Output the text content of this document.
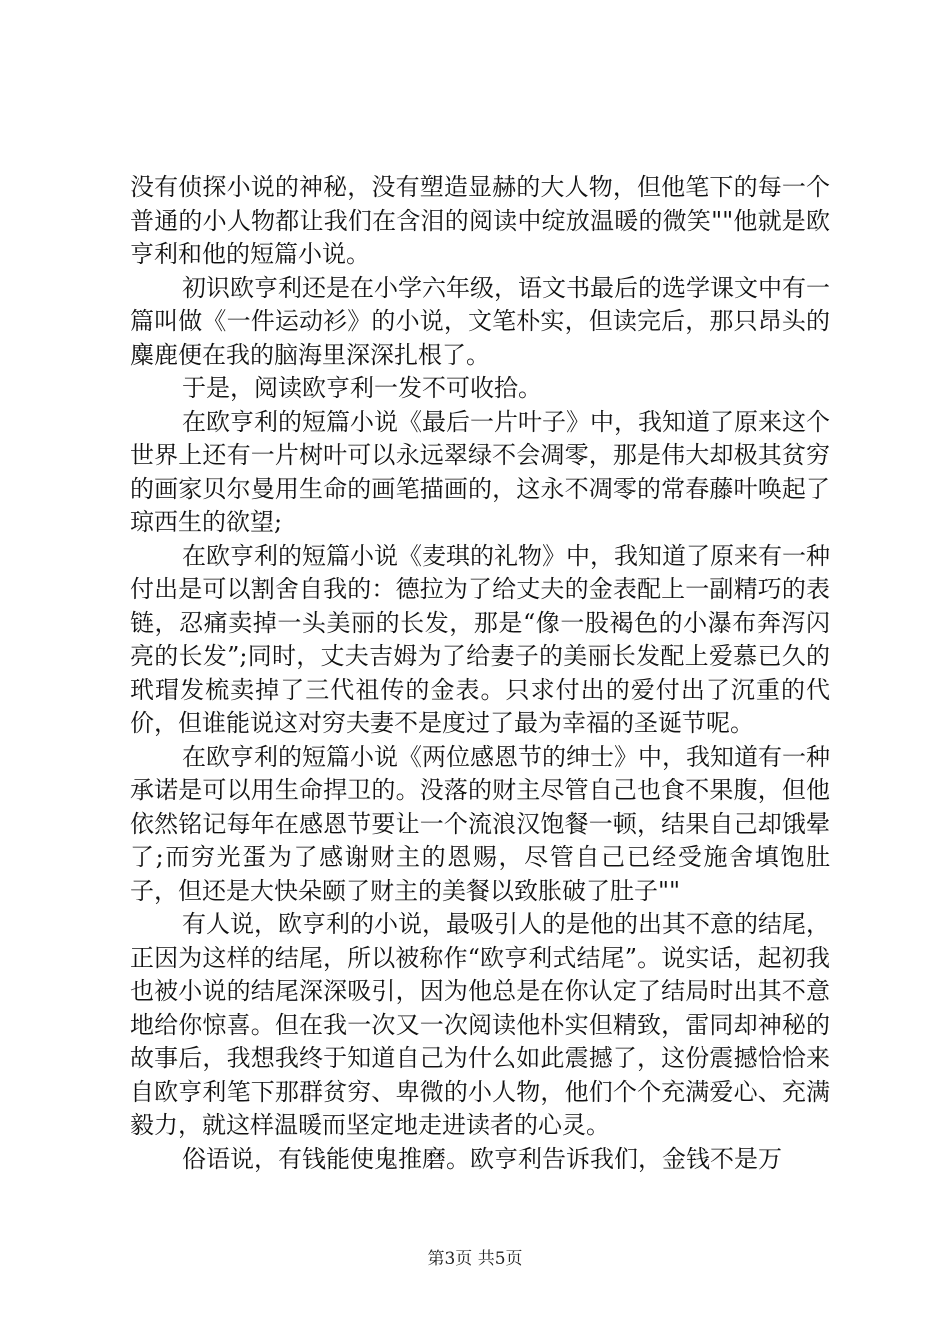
没有侦探小说的神秘，没有塑造显赫的大人物，但他笔下的每一个普通的小人物都让我们在含泪的阅读中绽放温暖的微笑""他就是欧亨利和他的短篇小说。

初识欧亨利还是在小学六年级，语文书最后的选学课文中有一篇叫做《一件运动衫》的小说，文笔朴实，但读完后，那只昂头的麋鹿便在我的脑海里深深扎根了。

于是，阅读欧亨利一发不可收拾。

在欧亨利的短篇小说《最后一片叶子》中，我知道了原来这个世界上还有一片树叶可以永远翠绿不会凋零，那是伟大却极其贫穷的画家贝尔曼用生命的画笔描画的，这永不凋零的常春藤叶唤起了琼西生的欲望;

在欧亨利的短篇小说《麦琪的礼物》中，我知道了原来有一种付出是可以割舍自我的：德拉为了给丈夫的金表配上一副精巧的表链，忍痛卖掉一头美丽的长发，那是“像一股褐色的小瀑布奔泻闪亮的长发”;同时，丈夫吉姆为了给妻子的美丽长发配上爱慕已久的玳瑁发梳卖掉了三代祖传的金表。只求付出的爱付出了沉重的代价，但谁能说这对穷夫妻不是度过了最为幸福的圣诞节呢。

在欧亨利的短篇小说《两位感恩节的绅士》中，我知道有一种承诺是可以用生命捍卫的。没落的财主尽管自己也食不果腹，但他依然铭记每年在感恩节要让一个流浪汉饱餐一顿，结果自己却饿晕了;而穷光蛋为了感谢财主的恩赐，尽管自己已经受施舍填饱肚子，但还是大快朵颐了财主的美餐以致胀破了肚子""

有人说，欧亨利的小说，最吸引人的是他的出其不意的结尾，正因为这样的结尾，所以被称作“欧亨利式结尾”。说实话，起初我也被小说的结尾深深吸引，因为他总是在你认定了结局时出其不意地给你惊喜。但在我一次又一次阅读他朴实但精致，雷同却神秘的故事后，我想我终于知道自己为什么如此震撼了，这份震撼恰恰来自欧亨利笔下那群贫穷、卑微的小人物，他们个个充满爱心、充满毅力，就这样温暖而坚定地走进读者的心灵。

俗语说，有钱能使鬼推磨。欧亨利告诉我们，金钱不是万

第3页 共5页
